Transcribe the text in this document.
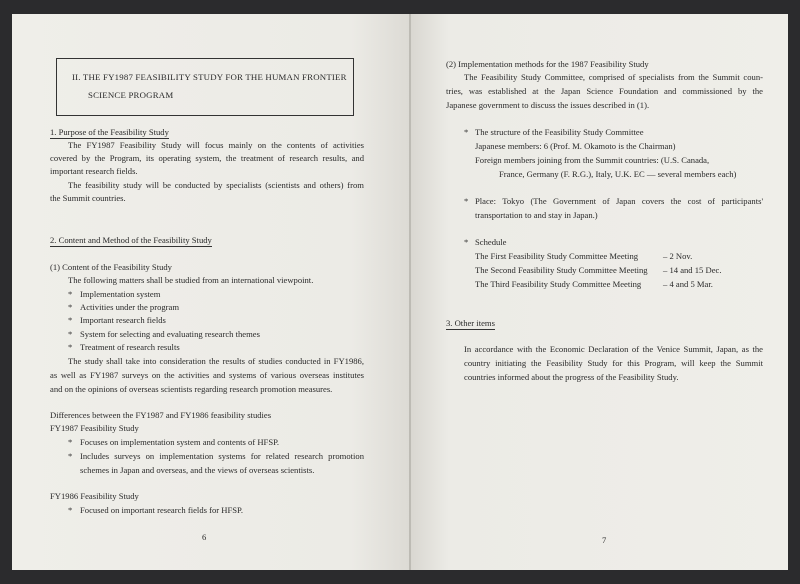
II. THE FY1987 FEASIBILITY STUDY FOR THE HUMAN FRONTIER
SCIENCE PROGRAM
1. Purpose of the Feasibility Study
The FY1987 Feasibility Study will focus mainly on the contents of activities
covered by the Program, its operating system, the treatment of research results, and
important research fields.
The feasibility study will be conducted by specialists (scientists and others) from
the Summit countries.
2. Content and Method of the Feasibility Study
(1) Content of the Feasibility Study
The following matters shall be studied from an international viewpoint.
* Implementation system
* Activities under the program
* Important research fields
* System for selecting and evaluating research themes
* Treatment of research results
The study shall take into consideration the results of studies conducted in FY1986,
as well as FY1987 surveys on the activities and systems of various overseas institutes
and on the opinions of overseas scientists regarding research promotion measures.
Differences between the FY1987 and FY1986 feasibility studies
FY1987 Feasibility Study
* Focuses on implementation system and contents of HFSP.
* Includes surveys on implementation systems for related research promotion
schemes in Japan and overseas, and the views of overseas scientists.
FY1986 Feasibility Study
* Focused on important research fields for HFSP.
6
(2) Implementation methods for the 1987 Feasibility Study
The Feasibility Study Committee, comprised of specialists from the Summit coun-
tries, was established at the Japan Science Foundation and commissioned by the
Japanese government to discuss the issues described in (1).
* The structure of the Feasibility Study Committee
Japanese members: 6 (Prof. M. Okamoto is the Chairman)
Foreign members joining from the Summit countries: (U.S. Canada,
France, Germany (F. R.G.), Italy, U.K. EC — several members each)
* Place: Tokyo (The Government of Japan covers the cost of participants'
transportation to and stay in Japan.)
* Schedule
The First Feasibility Study Committee Meeting	– 2 Nov.
The Second Feasibility Study Committee Meeting – 14 and 15 Dec.
The Third Feasibility Study Committee Meeting	– 4 and 5 Mar.
3. Other items
In accordance with the Economic Declaration of the Venice Summit, Japan, as the
country initiating the Feasibility Study for this Program, will keep the Summit
countries informed about the progress of the Feasibility Study.
7
